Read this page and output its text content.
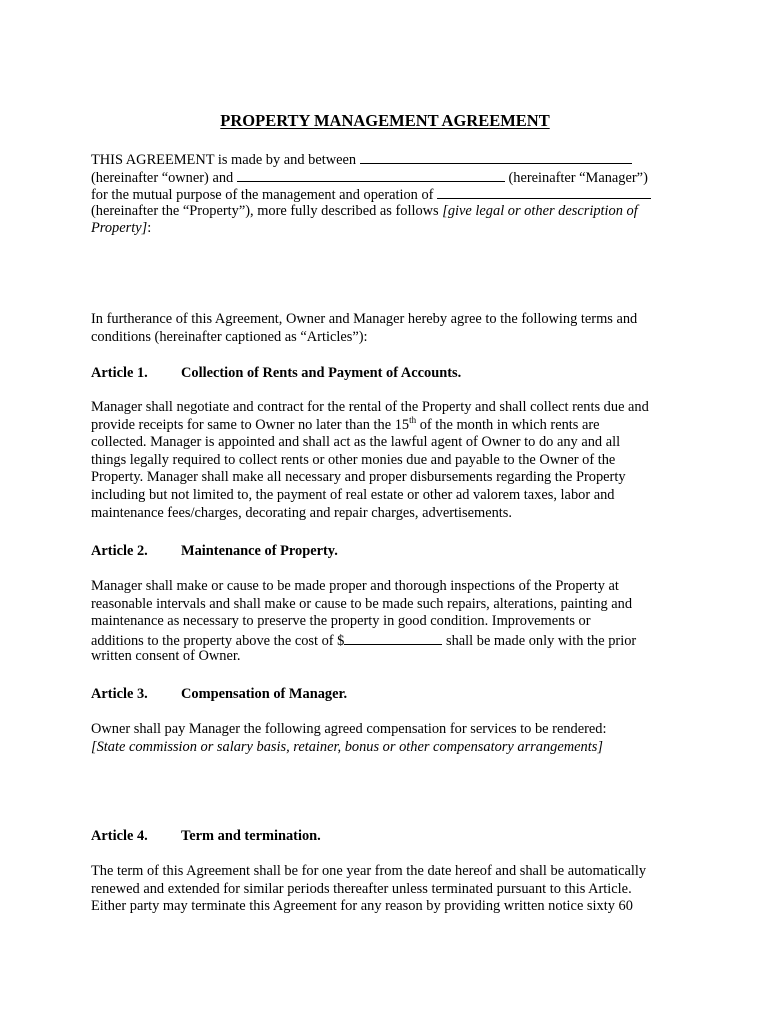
PROPERTY MANAGEMENT AGREEMENT
THIS AGREEMENT is made by and between
(hereinafter “owner) and	(hereinafter “Manager”)
for the mutual purpose of the management and operation of
(hereinafter the “Property”), more fully described as follows [give legal or other description of
Property]:
In furtherance of this Agreement, Owner and Manager hereby agree to the following terms and
conditions (hereinafter captioned as “Articles”):
Article 1. Collection of Rents and Payment of Accounts.
Manager shall negotiate and contract for the rental of the Property and shall collect rents due and
provide receipts for same to Owner no later than the 15th of the month in which rents are
collected. Manager is appointed and shall act as the lawful agent of Owner to do any and all
things legally required to collect rents or other monies due and payable to the Owner of the
Property. Manager shall make all necessary and proper disbursements regarding the Property
including but not limited to, the payment of real estate or other ad valorem taxes, labor and
maintenance fees/charges, decorating and repair charges, advertisements.
Article 2. Maintenance of Property.
Manager shall make or cause to be made proper and thorough inspections of the Property at
reasonable intervals and shall make or cause to be made such repairs, alterations, painting and
maintenance as necessary to preserve the property in good condition. Improvements or
additions to the property above the cost of $	shall be made only with the prior
written consent of Owner.
Article 3. Compensation of Manager.
Owner shall pay Manager the following agreed compensation for services to be rendered:
[State commission or salary basis, retainer, bonus or other compensatory arrangements]
Article 4. Term and termination.
The term of this Agreement shall be for one year from the date hereof and shall be automatically
renewed and extended for similar periods thereafter unless terminated pursuant to this Article.
Either party may terminate this Agreement for any reason by providing written notice sixty 60
